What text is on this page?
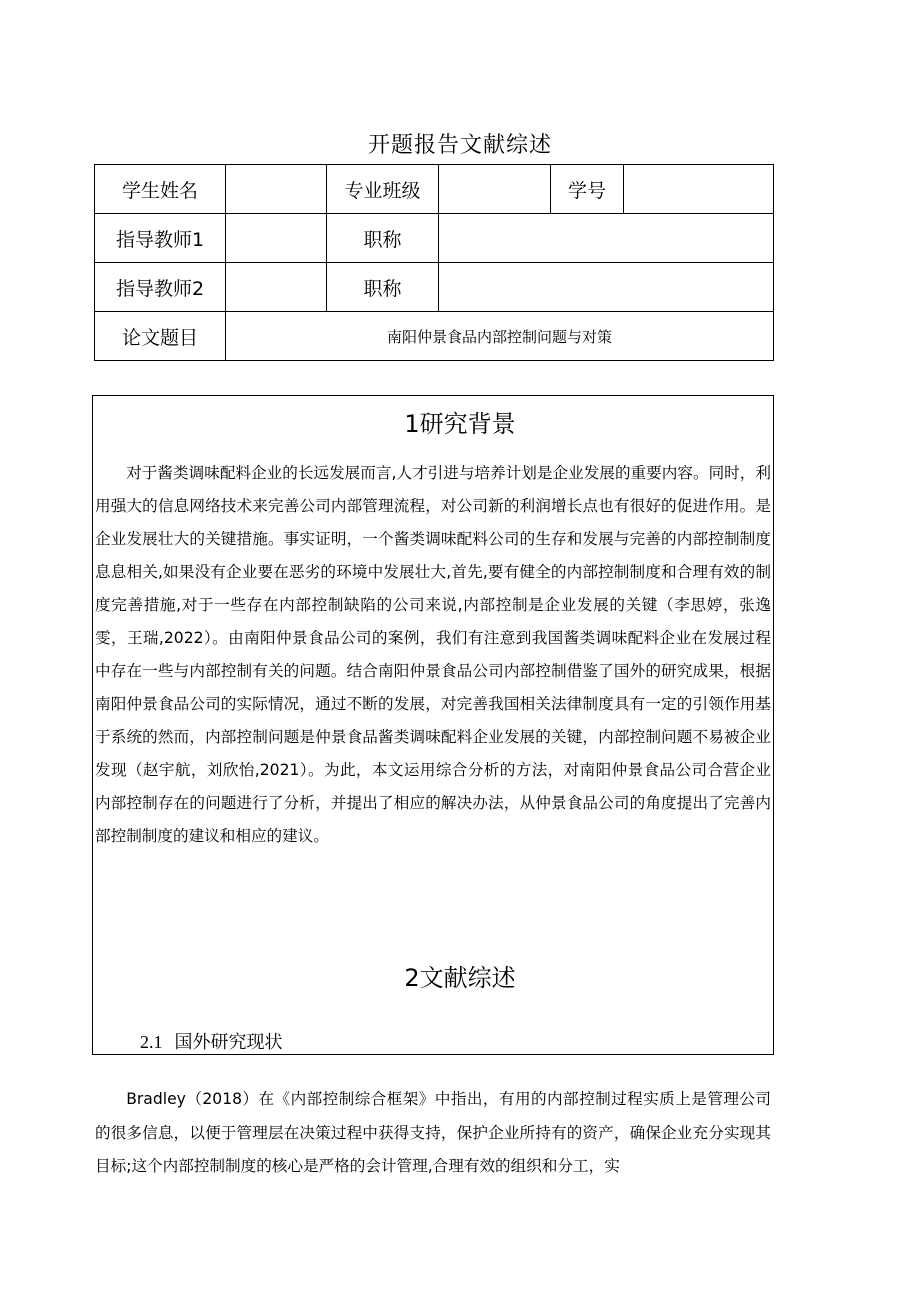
开题报告文献综述
学生姓名		专业班级		学号	
指导教师1		职称			
指导教师2		职称			
论文题目	南阳仲景食品内部控制问题与对策				
1研究背景

对于酱类调味配料企业的长远发展而言,人才引进与培养计划是企业发展的重要内容。同时，利用强大的信息网络技术来完善公司内部管理流程，对公司新的利润增长点也有很好的促进作用。是企业发展壮大的关键措施。事实证明，一个酱类调味配料公司的生存和发展与完善的内部控制制度息息相关,如果没有企业要在恶劣的环境中发展壮大,首先,要有健全的内部控制制度和合理有效的制度完善措施,对于一些存在内部控制缺陷的公司来说,内部控制是企业发展的关键（李思婷，张逸雯，王瑞,2022）。由南阳仲景食品公司的案例，我们有注意到我国酱类调味配料企业在发展过程中存在一些与内部控制有关的问题。结合南阳仲景食品公司内部控制借鉴了国外的研究成果，根据南阳仲景食品公司的实际情况，通过不断的发展，对完善我国相关法律制度具有一定的引领作用基于系统的然而，内部控制问题是仲景食品酱类调味配料企业发展的关键，内部控制问题不易被企业发现（赵宇航，刘欣怡,2021）。为此，本文运用综合分析的方法，对南阳仲景食品公司合营企业内部控制存在的问题进行了分析，并提出了相应的解决办法，从仲景食品公司的角度提出了完善内部控制制度的建议和相应的建议。

2文献综述
2.1 国外研究现状

Bradley（2018）在《内部控制综合框架》中指出，有用的内部控制过程实质上是管理公司的很多信息，以便于管理层在决策过程中获得支持，保护企业所持有的资产，确保企业充分实现其目标;这个内部控制制度的核心是严格的会计管理,合理有效的组织和分工，实
